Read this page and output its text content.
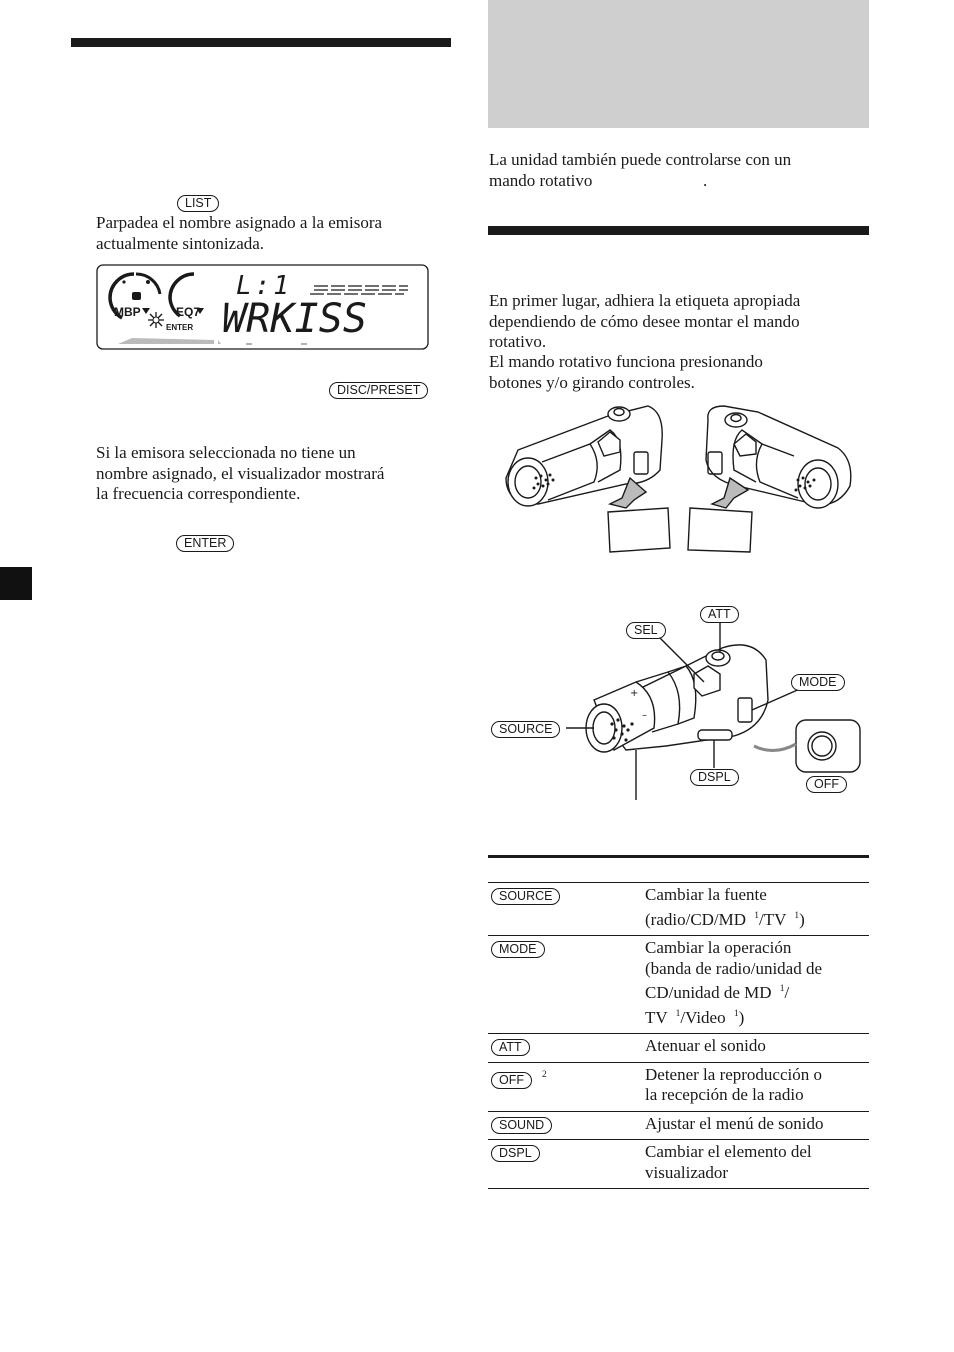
LIST

Parpadea el nombre asignado a la emisora

actualmente sintonizada.

MBP	EQ7
ENTER
L:1
WRKISS
DISC/PRESET

Si la emisora seleccionada no tiene un

nombre asignado, el visualizador mostrará

la frecuencia correspondiente.

ENTER

La unidad también puede controlarse con un

mando rotativo	.

En primer lugar, adhiera la etiqueta apropiada

dependiendo de cómo desee montar el mando

rotativo.

El mando rotativo funciona presionando

botones y/o girando controles.

+
–
ATT
SEL
MODE
SOURCE
DSPL	OFF
SOURCE	Cambiar la fuente
(radio/CD/MD $^1$/TV $^1$)
MODE	Cambiar la operación
(banda de radio/unidad de
CD/unidad de MD $^1$/
TV $^1$/Video $^1$)
ATT	Atenuar el sonido
OFF $^2$	Detener la reproducción o
la recepción de la radio
SOUND	Ajustar el menú de sonido
DSPL	Cambiar el elemento del
visualizador
